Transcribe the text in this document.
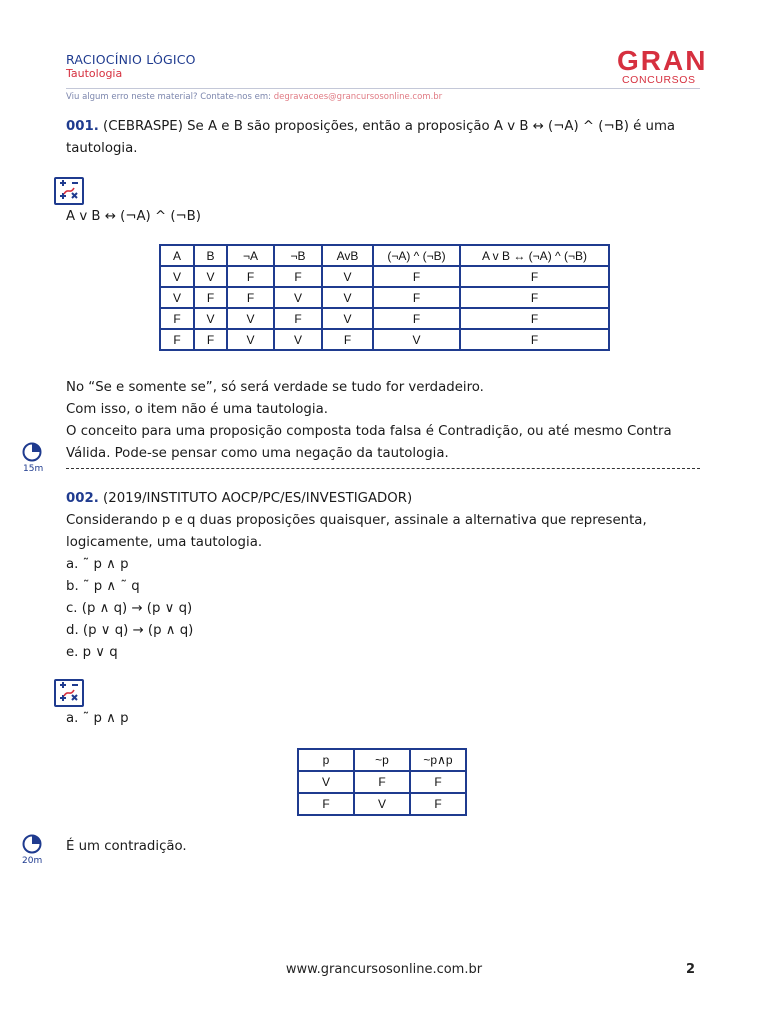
RACIOCÍNIO LÓGICO
Tautologia	GRAN
CONCURSOS
Viu algum erro neste material? Contate-nos em: degravacoes@grancursosonline.com.br
001. (CEBRASPE) Se A e B são proposições, então a proposição A v B ↔ (¬A) ^ (¬B) é uma
tautologia.
A v B ↔ (¬A) ^ (¬B)
A	B	¬A	¬B	AvB	(¬A) ^ (¬B)	A v B ↔ (¬A) ^ (¬B)
V	V	F	F	V	F	F
V	F	F	V	V	F	F
F	V	V	F	V	F	F
F	F	V	V	F	V	F
No “Se e somente se”, só será verdade se tudo for verdadeiro.
Com isso, o item não é uma tautologia.
O conceito para uma proposição composta toda falsa é Contradição, ou até mesmo Contra
Válida. Pode-se pensar como uma negação da tautologia.
15m
002. (2019/INSTITUTO AOCP/PC/ES/INVESTIGADOR)
Considerando p e q duas proposições quaisquer, assinale a alternativa que representa,
logicamente, uma tautologia.
a. ˜ p ∧ p
b. ˜ p ∧ ˜ q
c. (p ∧ q) → (p ∨ q)
d. (p ∨ q) → (p ∧ q)
e. p ∨ q
a. ˜ p ∧ p
p	~p	~p∧p
V	F	F
F	V	F
20m
É um contradição.
www.grancursosonline.com.br	2
